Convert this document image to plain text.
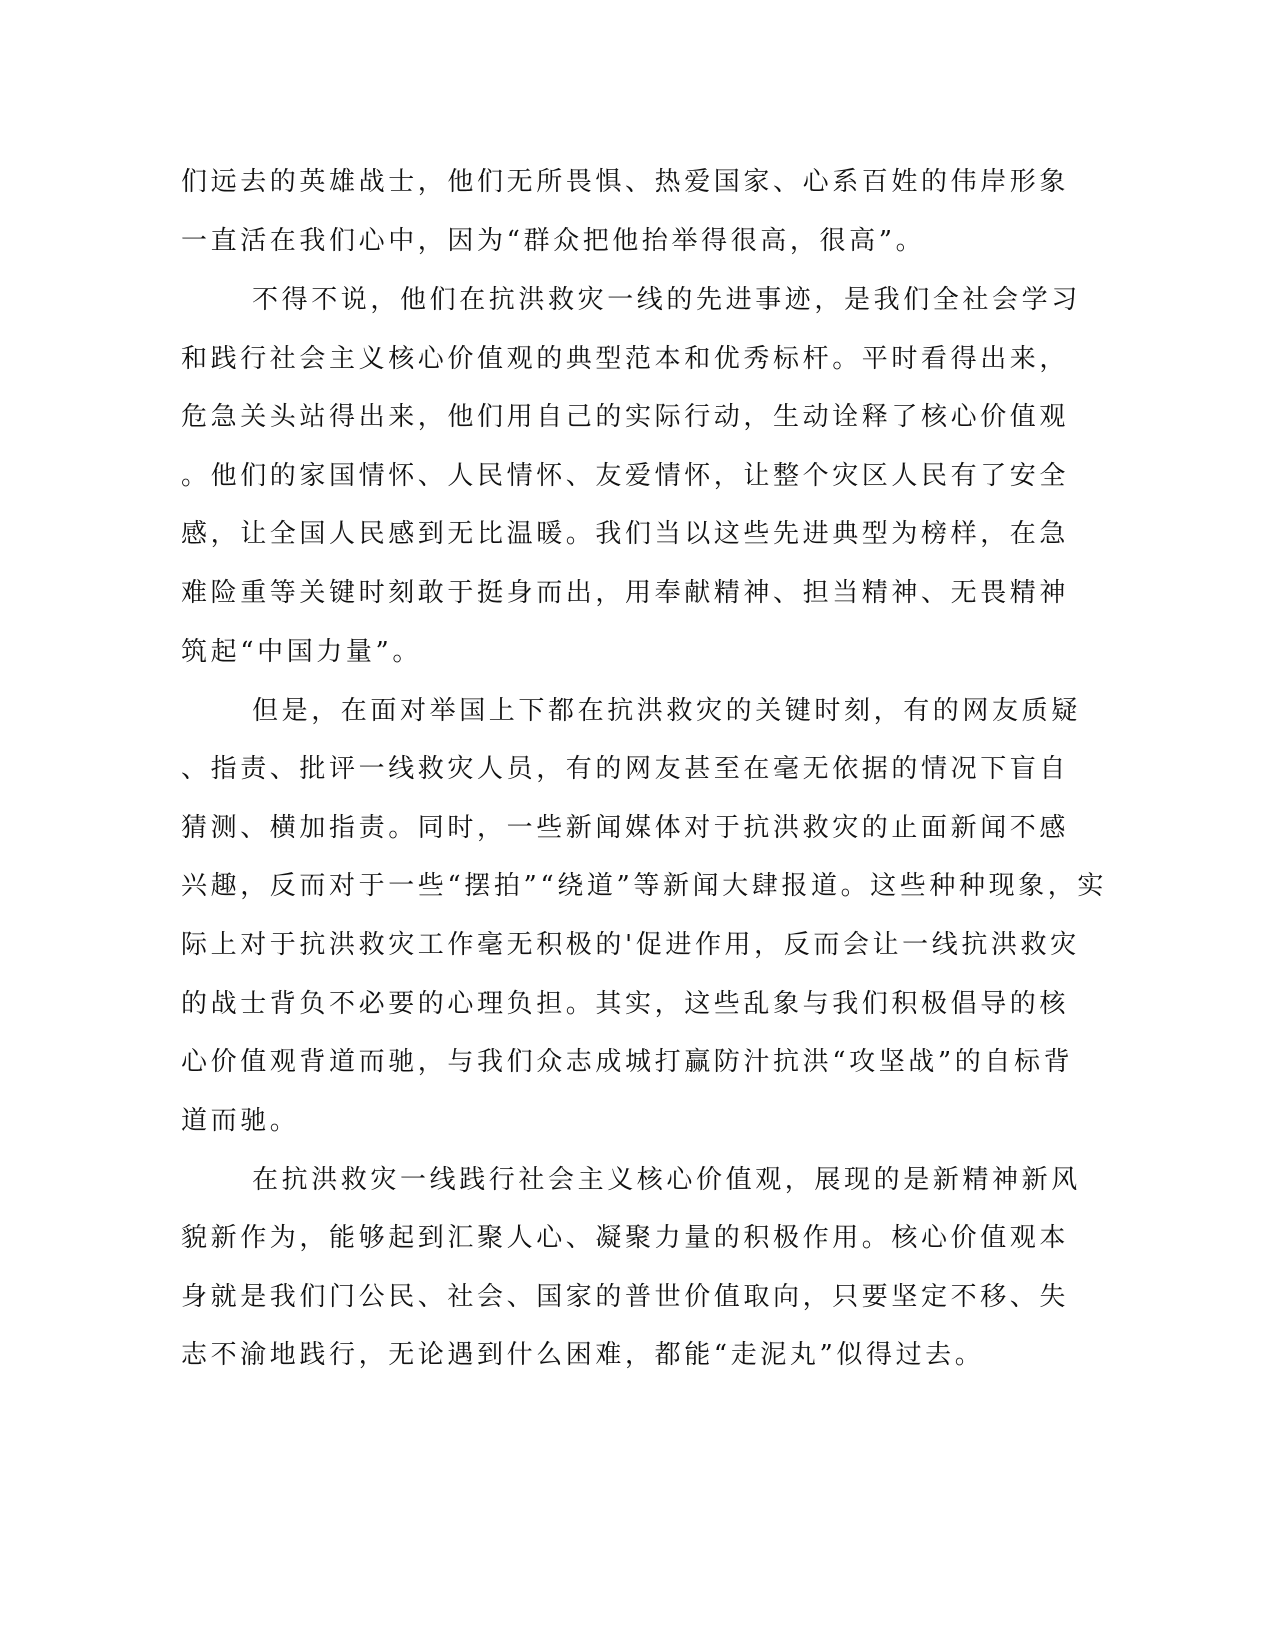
们远去的英雄战士，他们无所畏惧、热爱国家、心系百姓的伟岸形象
一直活在我们心中，因为“群众把他抬举得很高，很高”。
不得不说，他们在抗洪救灾一线的先进事迹，是我们全社会学习
和践行社会主义核心价值观的典型范本和优秀标杆。平时看得出来，
危急关头站得出来，他们用自己的实际行动，生动诠释了核心价值观
。他们的家国情怀、人民情怀、友爱情怀，让整个灾区人民有了安全
感，让全国人民感到无比温暖。我们当以这些先进典型为榜样，在急
难险重等关键时刻敢于挺身而出，用奉献精神、担当精神、无畏精神
筑起“中国力量”。
但是，在面对举国上下都在抗洪救灾的关键时刻，有的网友质疑
、指责、批评一线救灾人员，有的网友甚至在毫无依据的情况下盲自
猜测、横加指责。同时，一些新闻媒体对于抗洪救灾的止面新闻不感
兴趣，反而对于一些“摆拍”“绕道”等新闻大肆报道。这些种种现象，实
际上对于抗洪救灾工作毫无积极的'促进作用，反而会让一线抗洪救灾
的战士背负不必要的心理负担。其实，这些乱象与我们积极倡导的核
心价值观背道而驰，与我们众志成城打赢防汁抗洪“攻坚战”的自标背
道而驰。
在抗洪救灾一线践行社会主义核心价值观，展现的是新精神新风
貌新作为，能够起到汇聚人心、凝聚力量的积极作用。核心价值观本
身就是我们门公民、社会、国家的普世价值取向，只要坚定不移、失
志不渝地践行，无论遇到什么困难，都能“走泥丸”似得过去。
